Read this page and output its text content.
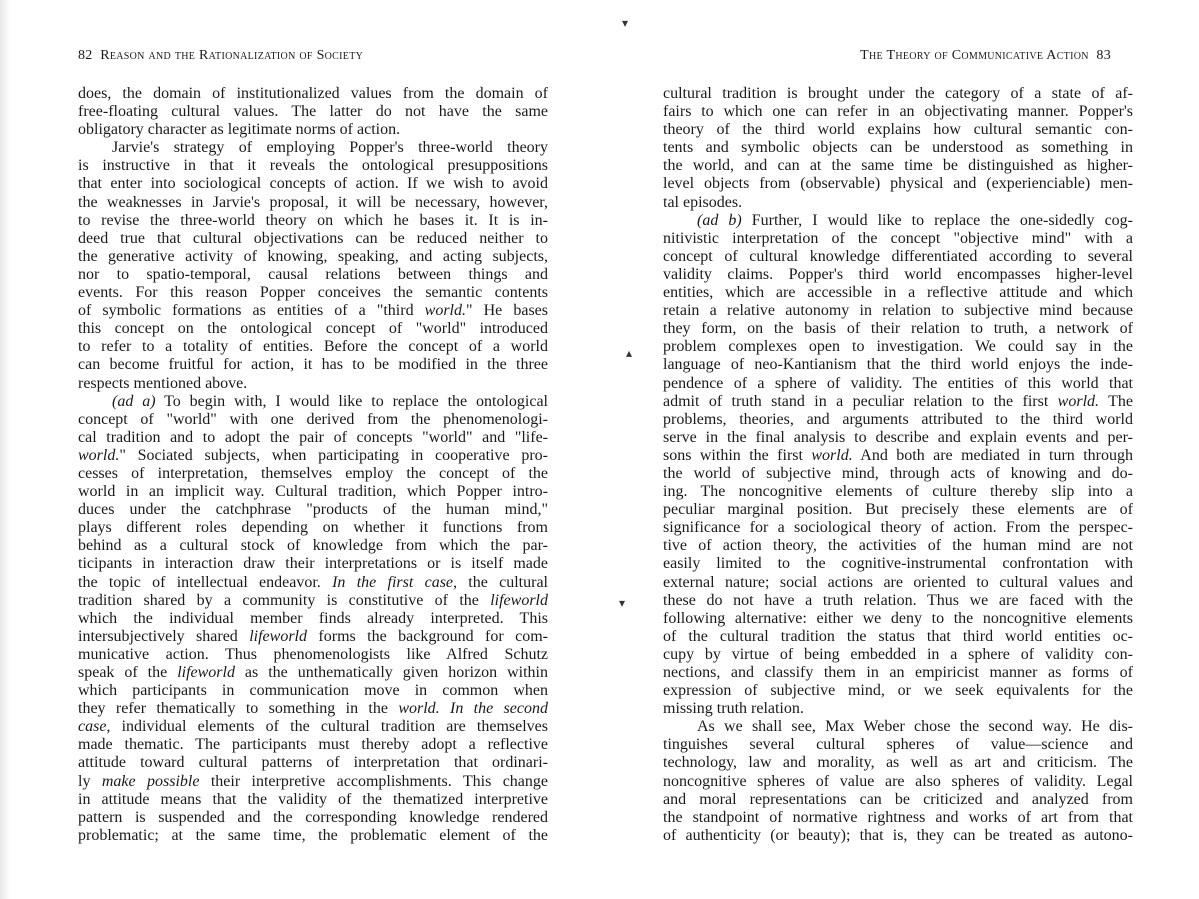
82 Reason and the Rationalization of Society
does, the domain of institutionalized values from the domain of
free-floating cultural values. The latter do not have the same
obligatory character as legitimate norms of action.
Jarvie's strategy of employing Popper's three-world theory
is instructive in that it reveals the ontological presuppositions
that enter into sociological concepts of action. If we wish to avoid
the weaknesses in Jarvie's proposal, it will be necessary, however,
to revise the three-world theory on which he bases it. It is in-
deed true that cultural objectivations can be reduced neither to
the generative activity of knowing, speaking, and acting subjects,
nor to spatio-temporal, causal relations between things and
events. For this reason Popper conceives the semantic contents
of symbolic formations as entities of a "third world." He bases
this concept on the ontological concept of "world" introduced
to refer to a totality of entities. Before the concept of a world
can become fruitful for action, it has to be modified in the three
respects mentioned above.
(ad a) To begin with, I would like to replace the ontological
concept of "world" with one derived from the phenomenologi-
cal tradition and to adopt the pair of concepts "world" and "life-
world." Sociated subjects, when participating in cooperative pro-
cesses of interpretation, themselves employ the concept of the
world in an implicit way. Cultural tradition, which Popper intro-
duces under the catchphrase "products of the human mind,"
plays different roles depending on whether it functions from
behind as a cultural stock of knowledge from which the par-
ticipants in interaction draw their interpretations or is itself made
the topic of intellectual endeavor. In the first case, the cultural
tradition shared by a community is constitutive of the lifeworld
which the individual member finds already interpreted. This
intersubjectively shared lifeworld forms the background for com-
municative action. Thus phenomenologists like Alfred Schutz
speak of the lifeworld as the unthematically given horizon within
which participants in communication move in common when
they refer thematically to something in the world. In the second
case, individual elements of the cultural tradition are themselves
made thematic. The participants must thereby adopt a reflective
attitude toward cultural patterns of interpretation that ordinari-
ly make possible their interpretive accomplishments. This change
in attitude means that the validity of the thematized interpretive
pattern is suspended and the corresponding knowledge rendered
problematic; at the same time, the problematic element of the
The Theory of Communicative Action 83
cultural tradition is brought under the category of a state of af-
fairs to which one can refer in an objectivating manner. Popper's
theory of the third world explains how cultural semantic con-
tents and symbolic objects can be understood as something in
the world, and can at the same time be distinguished as higher-
level objects from (observable) physical and (experienciable) men-
tal episodes.
(ad b) Further, I would like to replace the one-sidedly cog-
nitivistic interpretation of the concept "objective mind" with a
concept of cultural knowledge differentiated according to several
validity claims. Popper's third world encompasses higher-level
entities, which are accessible in a reflective attitude and which
retain a relative autonomy in relation to subjective mind because
they form, on the basis of their relation to truth, a network of
problem complexes open to investigation. We could say in the
language of neo-Kantianism that the third world enjoys the inde-
pendence of a sphere of validity. The entities of this world that
admit of truth stand in a peculiar relation to the first world. The
problems, theories, and arguments attributed to the third world
serve in the final analysis to describe and explain events and per-
sons within the first world. And both are mediated in turn through
the world of subjective mind, through acts of knowing and do-
ing. The noncognitive elements of culture thereby slip into a
peculiar marginal position. But precisely these elements are of
significance for a sociological theory of action. From the perspec-
tive of action theory, the activities of the human mind are not
easily limited to the cognitive-instrumental confrontation with
external nature; social actions are oriented to cultural values and
these do not have a truth relation. Thus we are faced with the
following alternative: either we deny to the noncognitive elements
of the cultural tradition the status that third world entities oc-
cupy by virtue of being embedded in a sphere of validity con-
nections, and classify them in an empiricist manner as forms of
expression of subjective mind, or we seek equivalents for the
missing truth relation.
As we shall see, Max Weber chose the second way. He dis-
tinguishes several cultural spheres of value—science and
technology, law and morality, as well as art and criticism. The
noncognitive spheres of value are also spheres of validity. Legal
and moral representations can be criticized and analyzed from
the standpoint of normative rightness and works of art from that
of authenticity (or beauty); that is, they can be treated as autono-
▾
▴
▾
